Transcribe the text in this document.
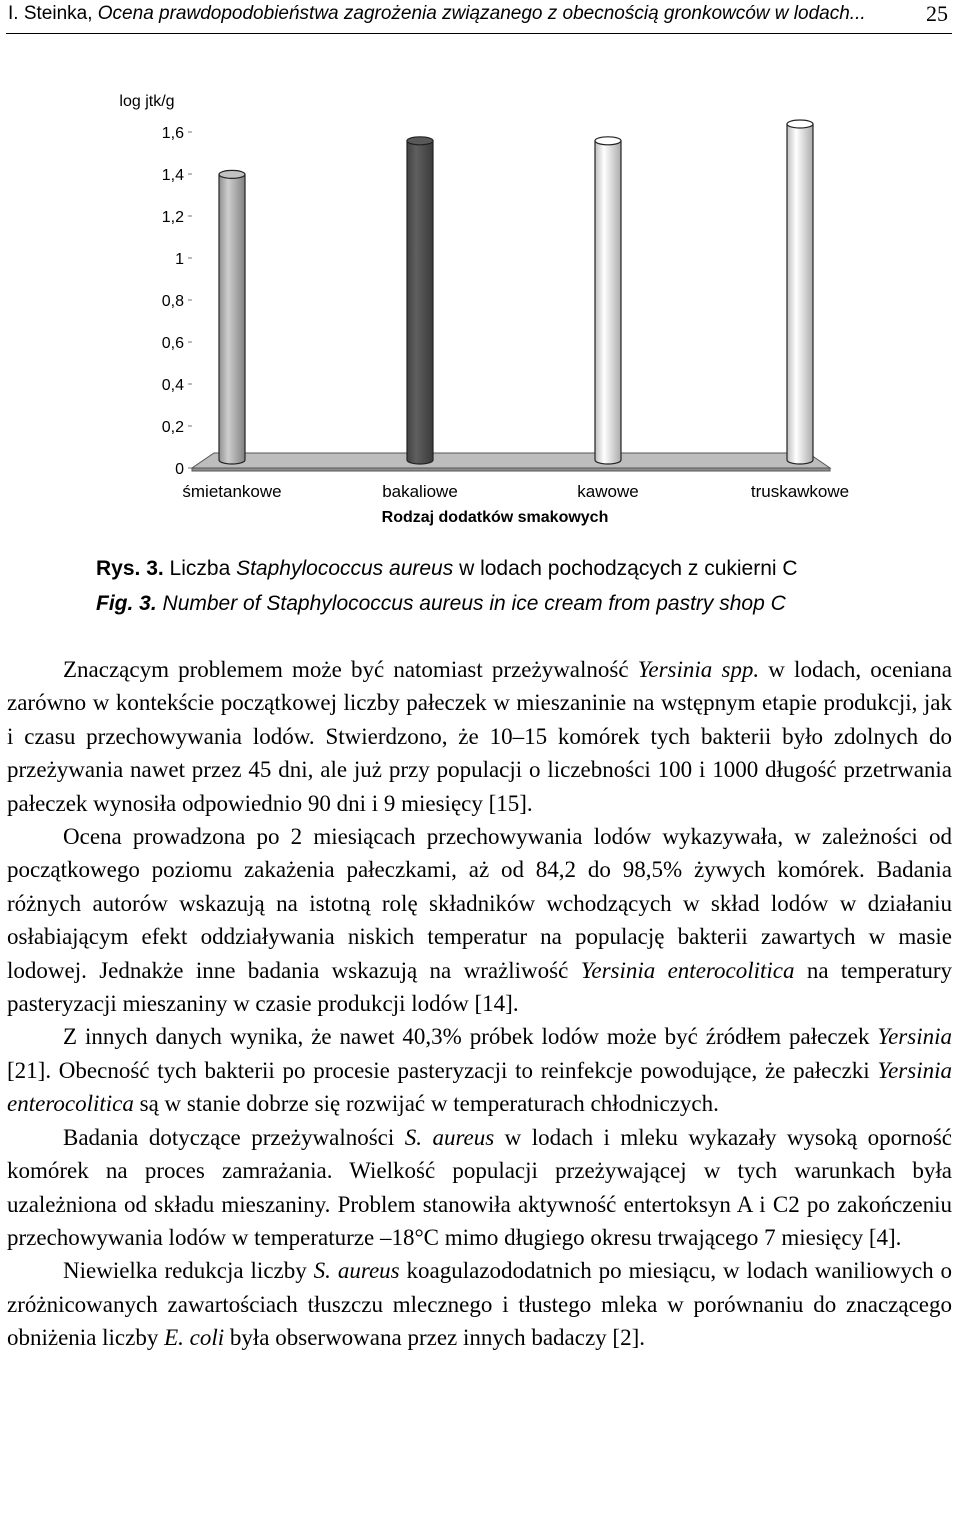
I. Steinka, Ocena prawdopodobieństwa zagrożenia związanego z obecnością gronkowców w lodach...	25
1,6
1,4
1,2
1
0,8
0,6
0,4
0,2
0
śmietankowe	bakaliowe	kawowe	truskawkowe
log jtk/g
Rodzaj dodatków smakowych
Rys. 3. Liczba Staphylococcus aureus w lodach pochodzących z cukierni C
Fig. 3. Number of Staphylococcus aureus in ice cream from pastry shop C

Znaczącym problemem może być natomiast przeżywalność Yersinia spp. w lodach, oceniana zarówno w kontekście początkowej liczby pałeczek w mieszaninie na wstępnym etapie produkcji, jak i czasu przechowywania lodów. Stwierdzono, że 10–15 komórek tych bakterii było zdolnych do przeżywania nawet przez 45 dni, ale już przy populacji o liczebności 100 i 1000 długość przetrwania pałeczek wynosiła odpowiednio 90 dni i 9 miesięcy [15].

Ocena prowadzona po 2 miesiącach przechowywania lodów wykazywała, w zależności od początkowego poziomu zakażenia pałeczkami, aż od 84,2 do 98,5% żywych komórek. Badania różnych autorów wskazują na istotną rolę składników wchodzących w skład lodów w działaniu osłabiającym efekt oddziaływania niskich temperatur na populację bakterii zawartych w masie lodowej. Jednakże inne badania wskazują na wrażliwość Yersinia enterocolitica na temperatury pasteryzacji mieszaniny w czasie produkcji lodów [14].

Z innych danych wynika, że nawet 40,3% próbek lodów może być źródłem pałeczek Yersinia [21]. Obecność tych bakterii po procesie pasteryzacji to reinfekcje powodujące, że pałeczki Yersinia enterocolitica są w stanie dobrze się rozwijać w temperaturach chłodniczych.

Badania dotyczące przeżywalności S. aureus w lodach i mleku wykazały wysoką oporność komórek na proces zamrażania. Wielkość populacji przeżywającej w tych warunkach była uzależniona od składu mieszaniny. Problem stanowiła aktywność entertoksyn A i C2 po zakończeniu przechowywania lodów w temperaturze –18°C mimo długiego okresu trwającego 7 miesięcy [4].

Niewielka redukcja liczby S. aureus koagulazododatnich po miesiącu, w lodach waniliowych o zróżnicowanych zawartościach tłuszczu mlecznego i tłustego mleka w porównaniu do znaczącego obniżenia liczby E. coli była obserwowana przez innych badaczy [2].
